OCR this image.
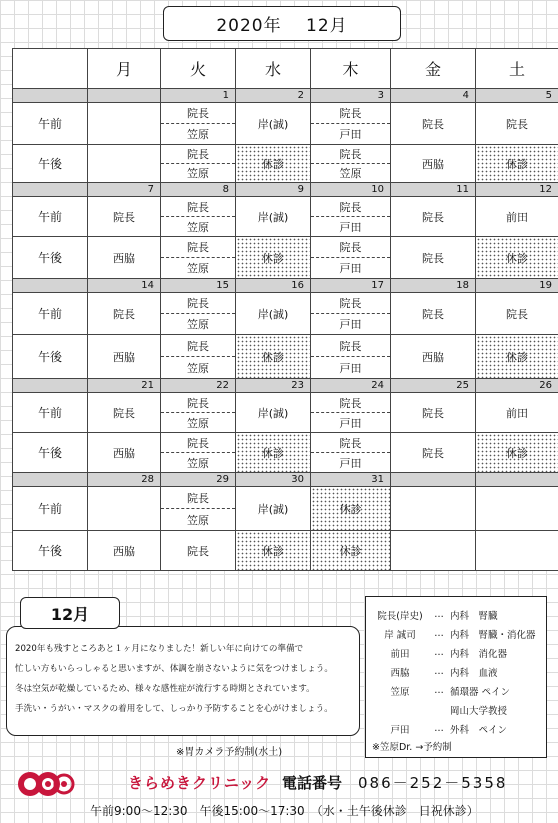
2020年　 12月
	月	火	水	木	金	土
		1	2	3	4	5
午前		院長	岸(誠)	院長	院長	院長
		笠原		戸田		
午後		院長	休診	院長	西脇	休診
		笠原		笠原		
	7	8	9	10	11	12
午前	院長	院長	岸(誠)	院長	院長	前田
		笠原		戸田		
午後	西脇	院長	休診	院長	院長	休診
		笠原		戸田		
	14	15	16	17	18	19
午前	院長	院長	岸(誠)	院長	院長	院長
		笠原		戸田		
午後	西脇	院長	休診	院長	西脇	休診
		笠原		戸田		
	21	22	23	24	25	26
午前	院長	院長	岸(誠)	院長	院長	前田
		笠原		戸田		
午後	西脇	院長	休診	院長	院長	休診
		笠原		戸田		
	28	29	30	31		
午前		院長	岸(誠)	休診		
		笠原				
午後	西脇	院長	休診	休診		
12月
2020年も残すところあと１ヶ月になりました！新しい年に向けての準備で
忙しい方もいらっしゃると思いますが、体調を崩さないように気をつけましょう。
冬は空気が乾燥しているため、様々な感性症が流行する時期とされています。
手洗い・うがい・マスクの着用をして、しっかり予防することを心がけましょう。
院長(岸史)	… 内科　腎臓
岸 誠司	… 内科　腎臓・消化器
前田	… 内科　消化器
西脇	… 内科　血液
笠原	… 循環器 ペイン
岡山大学教授
戸田	… 外科　ペイン
※笠原Dr. →予約制
※胃カメラ予約制(水土)
きらめきクリニック 電話番号 086－252－5358
午前9:00～12:30　午後15:00～17:30　（水・土午後休診　日祝休診）
